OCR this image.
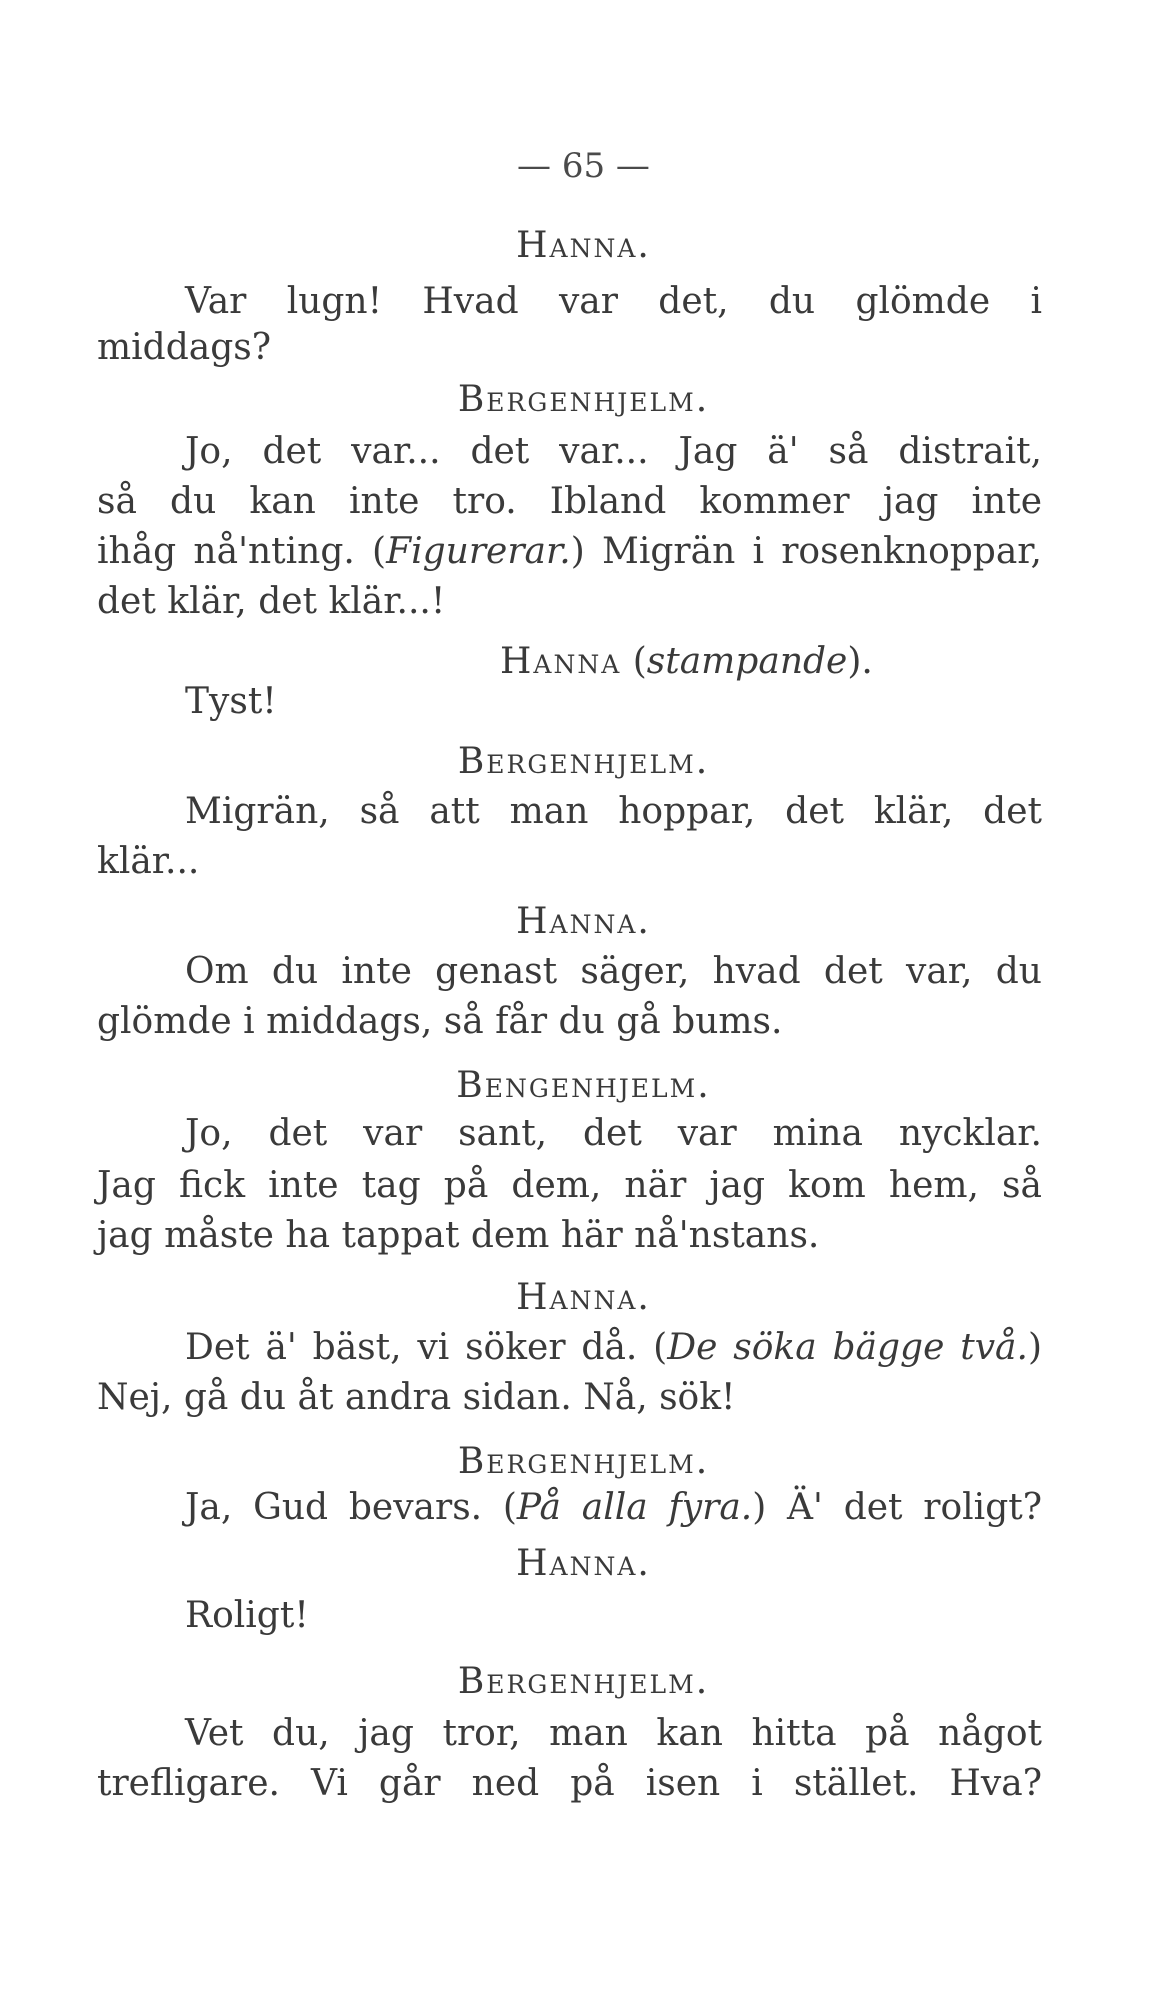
— 65 —
Hanna.
Var lugn! Hvad var det, du glömde i
middags?
Bergenhjelm.
Jo, det var... det var... Jag ä' så distrait,
så du kan inte tro. Ibland kommer jag inte
ihåg nå'nting. (Figurerar.) Migrän i rosenknoppar,
det klär, det klär...!
Hanna (stampande).
Tyst!
Bergenhjelm.
Migrän, så att man hoppar, det klär, det
klär...
Hanna.
Om du inte genast säger, hvad det var, du
glömde i middags, så får du gå bums.
Bengenhjelm.
Jo, det var sant, det var mina nycklar.
Jag fick inte tag på dem, när jag kom hem, så
jag måste ha tappat dem här nå'nstans.
Hanna.
Det ä' bäst, vi söker då. (De söka bägge två.)
Nej, gå du åt andra sidan. Nå, sök!
Bergenhjelm.
Ja, Gud bevars. (På alla fyra.) Ä' det roligt?
Hanna.
Roligt!
Bergenhjelm.
Vet du, jag tror, man kan hitta på något
trefligare. Vi går ned på isen i stället. Hva?
